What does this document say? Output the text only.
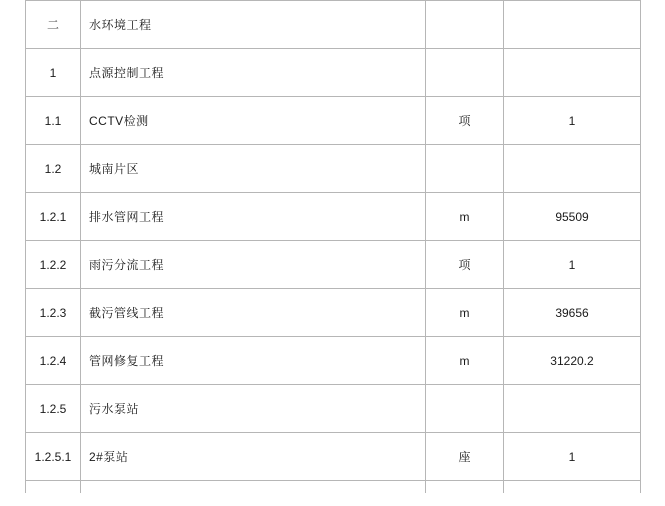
二	水环境工程		
1	点源控制工程		
1.1	CCTV检测	项	1
1.2	城南片区		
1.2.1	排水管网工程	m	95509
1.2.2	雨污分流工程	项	1
1.2.3	截污管线工程	m	39656
1.2.4	管网修复工程	m	31220.2
1.2.5	污水泵站		
1.2.5.1	2#泵站	座	1
